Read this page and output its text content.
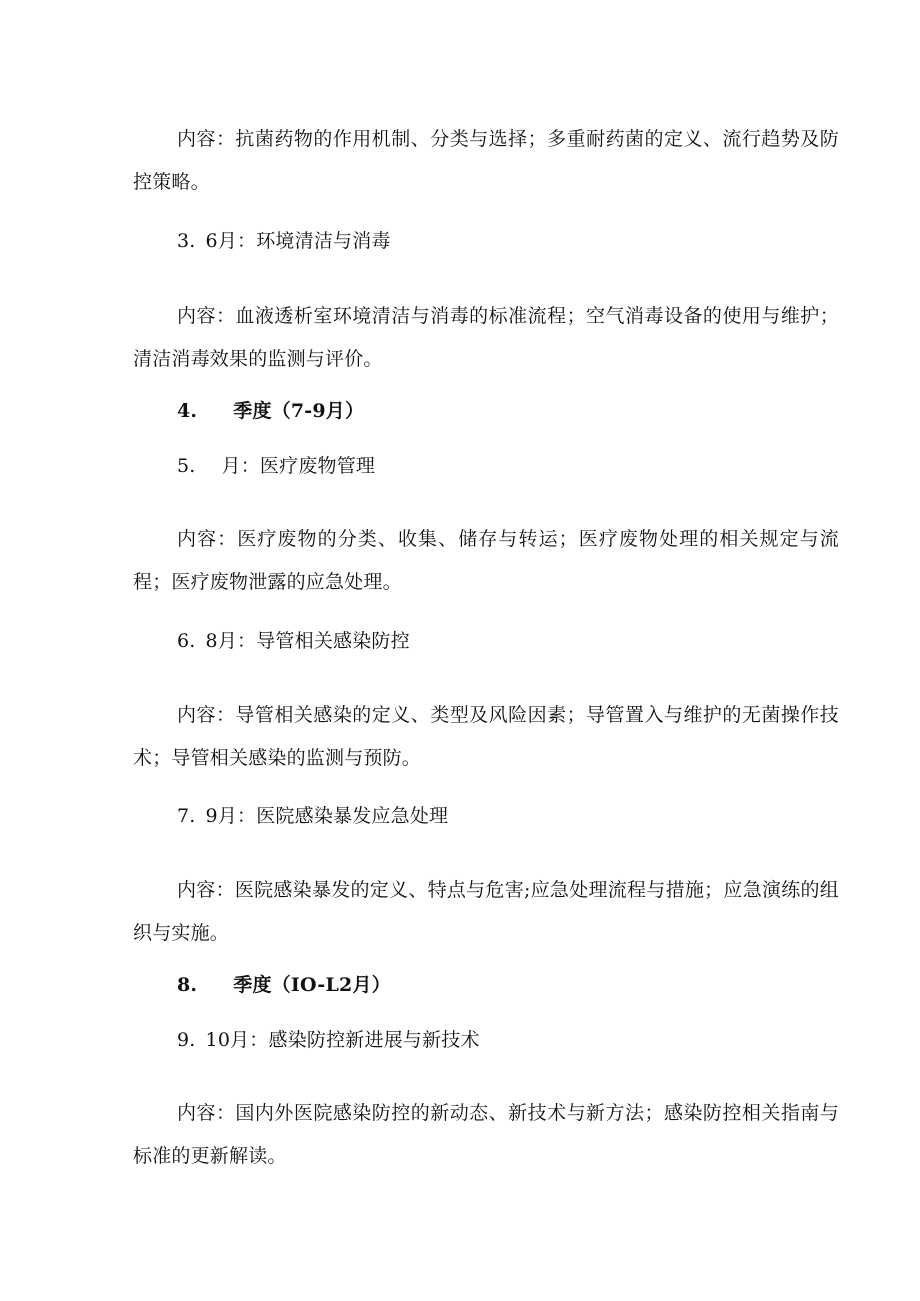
内容：抗菌药物的作用机制、分类与选择；多重耐药菌的定义、流行趋势及防控策略。

3. 6月：环境清洁与消毒

内容：血液透析室环境清洁与消毒的标准流程；空气消毒设备的使用与维护；清洁消毒效果的监测与评价。

4. 季度（7-9月）

5. 月：医疗废物管理

内容：医疗废物的分类、收集、储存与转运；医疗废物处理的相关规定与流程；医疗废物泄露的应急处理。

6. 8月：导管相关感染防控

内容：导管相关感染的定义、类型及风险因素；导管置入与维护的无菌操作技术；导管相关感染的监测与预防。

7. 9月：医院感染暴发应急处理

内容：医院感染暴发的定义、特点与危害;应急处理流程与措施；应急演练的组织与实施。

8. 季度（IO-L2月）

9. 10月：感染防控新进展与新技术

内容：国内外医院感染防控的新动态、新技术与新方法；感染防控相关指南与标准的更新解读。
